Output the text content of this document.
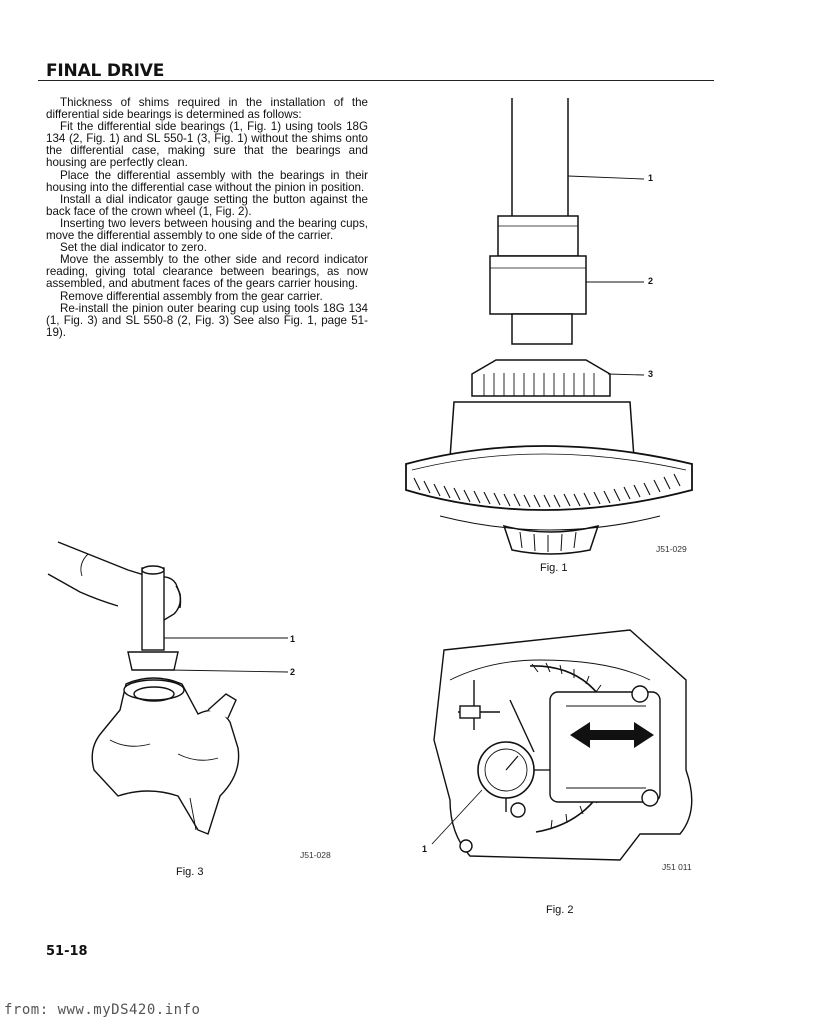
FINAL DRIVE

Thickness of shims required in the installation of the differential side bearings is determined as follows:

Fit the differential side bearings (1, Fig. 1) using tools 18G 134 (2, Fig. 1) and SL 550-1 (3, Fig. 1) without the shims onto the differential case, making sure that the bearings and housing are perfectly clean.

Place the differential assembly with the bearings in their housing into the differential case without the pinion in position.

Install a dial indicator gauge setting the button against the back face of the crown wheel (1, Fig. 2).

Inserting two levers between housing and the bearing cups, move the differential assembly to one side of the carrier.

Set the dial indicator to zero.

Move the assembly to the other side and record indicator reading, giving total clearance between bearings, as now assembled, and abutment faces of the gears carrier housing.

Remove differential assembly from the gear carrier.

Re-install the pinion outer bearing cup using tools 18G 134 (1, Fig. 3) and SL 550-8 (2, Fig. 3) See also Fig. 1, page 51-19).

1
2
3
J51-029
Fig. 1
1
2
J51-028
Fig. 3
1
J51 011
Fig. 2
51-18
from: www.myDS420.info
